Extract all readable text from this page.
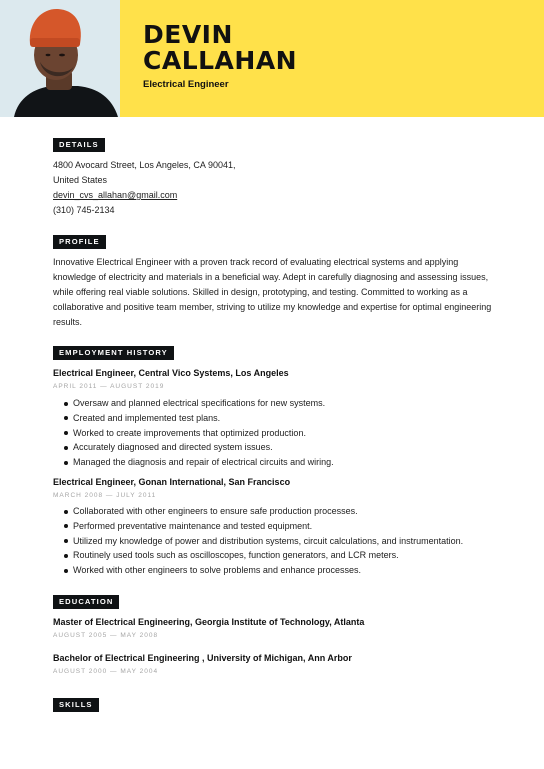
DEVIN
CALLAHAN
Electrical Engineer
DETAILS
4800 Avocard Street, Los Angeles, CA 90041,
United States
devin_cvs_allahan@gmail.com
(310) 745-2134
PROFILE
Innovative Electrical Engineer with a proven track record of evaluating electrical systems and applying
knowledge of electricity and materials in a beneficial way. Adept in carefully diagnosing and assessing issues,
while offering real viable solutions. Skilled in design, prototyping, and testing. Committed to working as a
collaborative and positive team member, striving to utilize my knowledge and expertise for optimal engineering
results.
EMPLOYMENT HISTORY
Electrical Engineer, Central Vico Systems, Los Angeles
APRIL 2011 — AUGUST 2019
Oversaw and planned electrical specifications for new systems.
Created and implemented test plans.
Worked to create improvements that optimized production.
Accurately diagnosed and directed system issues.
Managed the diagnosis and repair of electrical circuits and wiring.
Electrical Engineer, Gonan International, San Francisco
MARCH 2008 — JULY 2011
Collaborated with other engineers to ensure safe production processes.
Performed preventative maintenance and tested equipment.
Utilized my knowledge of power and distribution systems, circuit calculations, and instrumentation.
Routinely used tools such as oscilloscopes, function generators, and LCR meters.
Worked with other engineers to solve problems and enhance processes.
EDUCATION
Master of Electrical Engineering, Georgia Institute of Technology, Atlanta
AUGUST 2005 — MAY 2008
Bachelor of Electrical Engineering , University of Michigan, Ann Arbor
AUGUST 2000 — MAY 2004
SKILLS
